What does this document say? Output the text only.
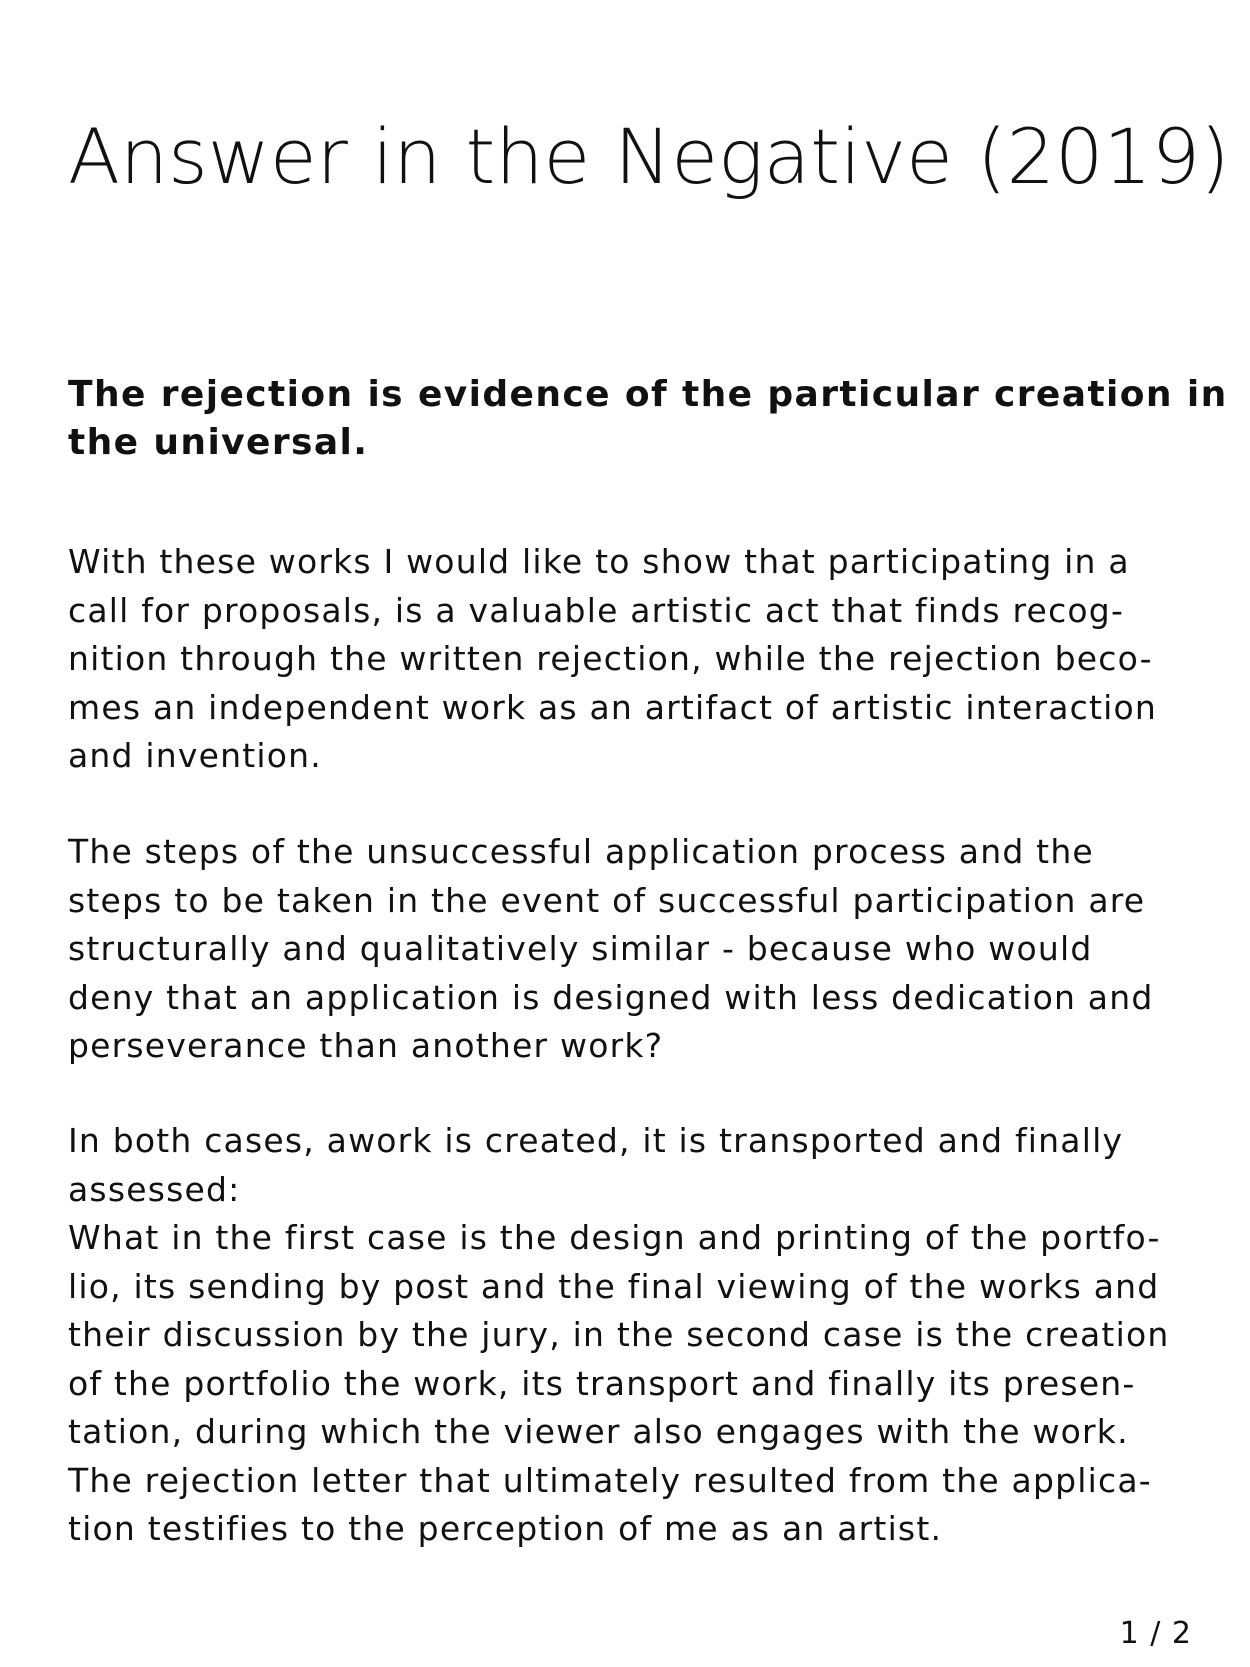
Answer in the Negative (2019)

The rejection is evidence of the particular creation in
the universal.

With these works I would like to show that participating in a
call for proposals, is a valuable artistic act that finds recog-
nition through the written rejection, while the rejection beco-
mes an independent work as an artifact of artistic interaction
and invention.

The steps of the unsuccessful application process and the
steps to be taken in the event of successful participation are
structurally and qualitatively similar - because who would
deny that an application is designed with less dedication and
perseverance than another work?

In both cases, awork is created, it is transported and finally
assessed:
What in the first case is the design and printing of the portfo-
lio, its sending by post and the final viewing of the works and
their discussion by the jury, in the second case is the creation
of the portfolio the work, its transport and finally its presen-
tation, during which the viewer also engages with the work.
The rejection letter that ultimately resulted from the applica-
tion testifies to the perception of me as an artist.

1 / 2
